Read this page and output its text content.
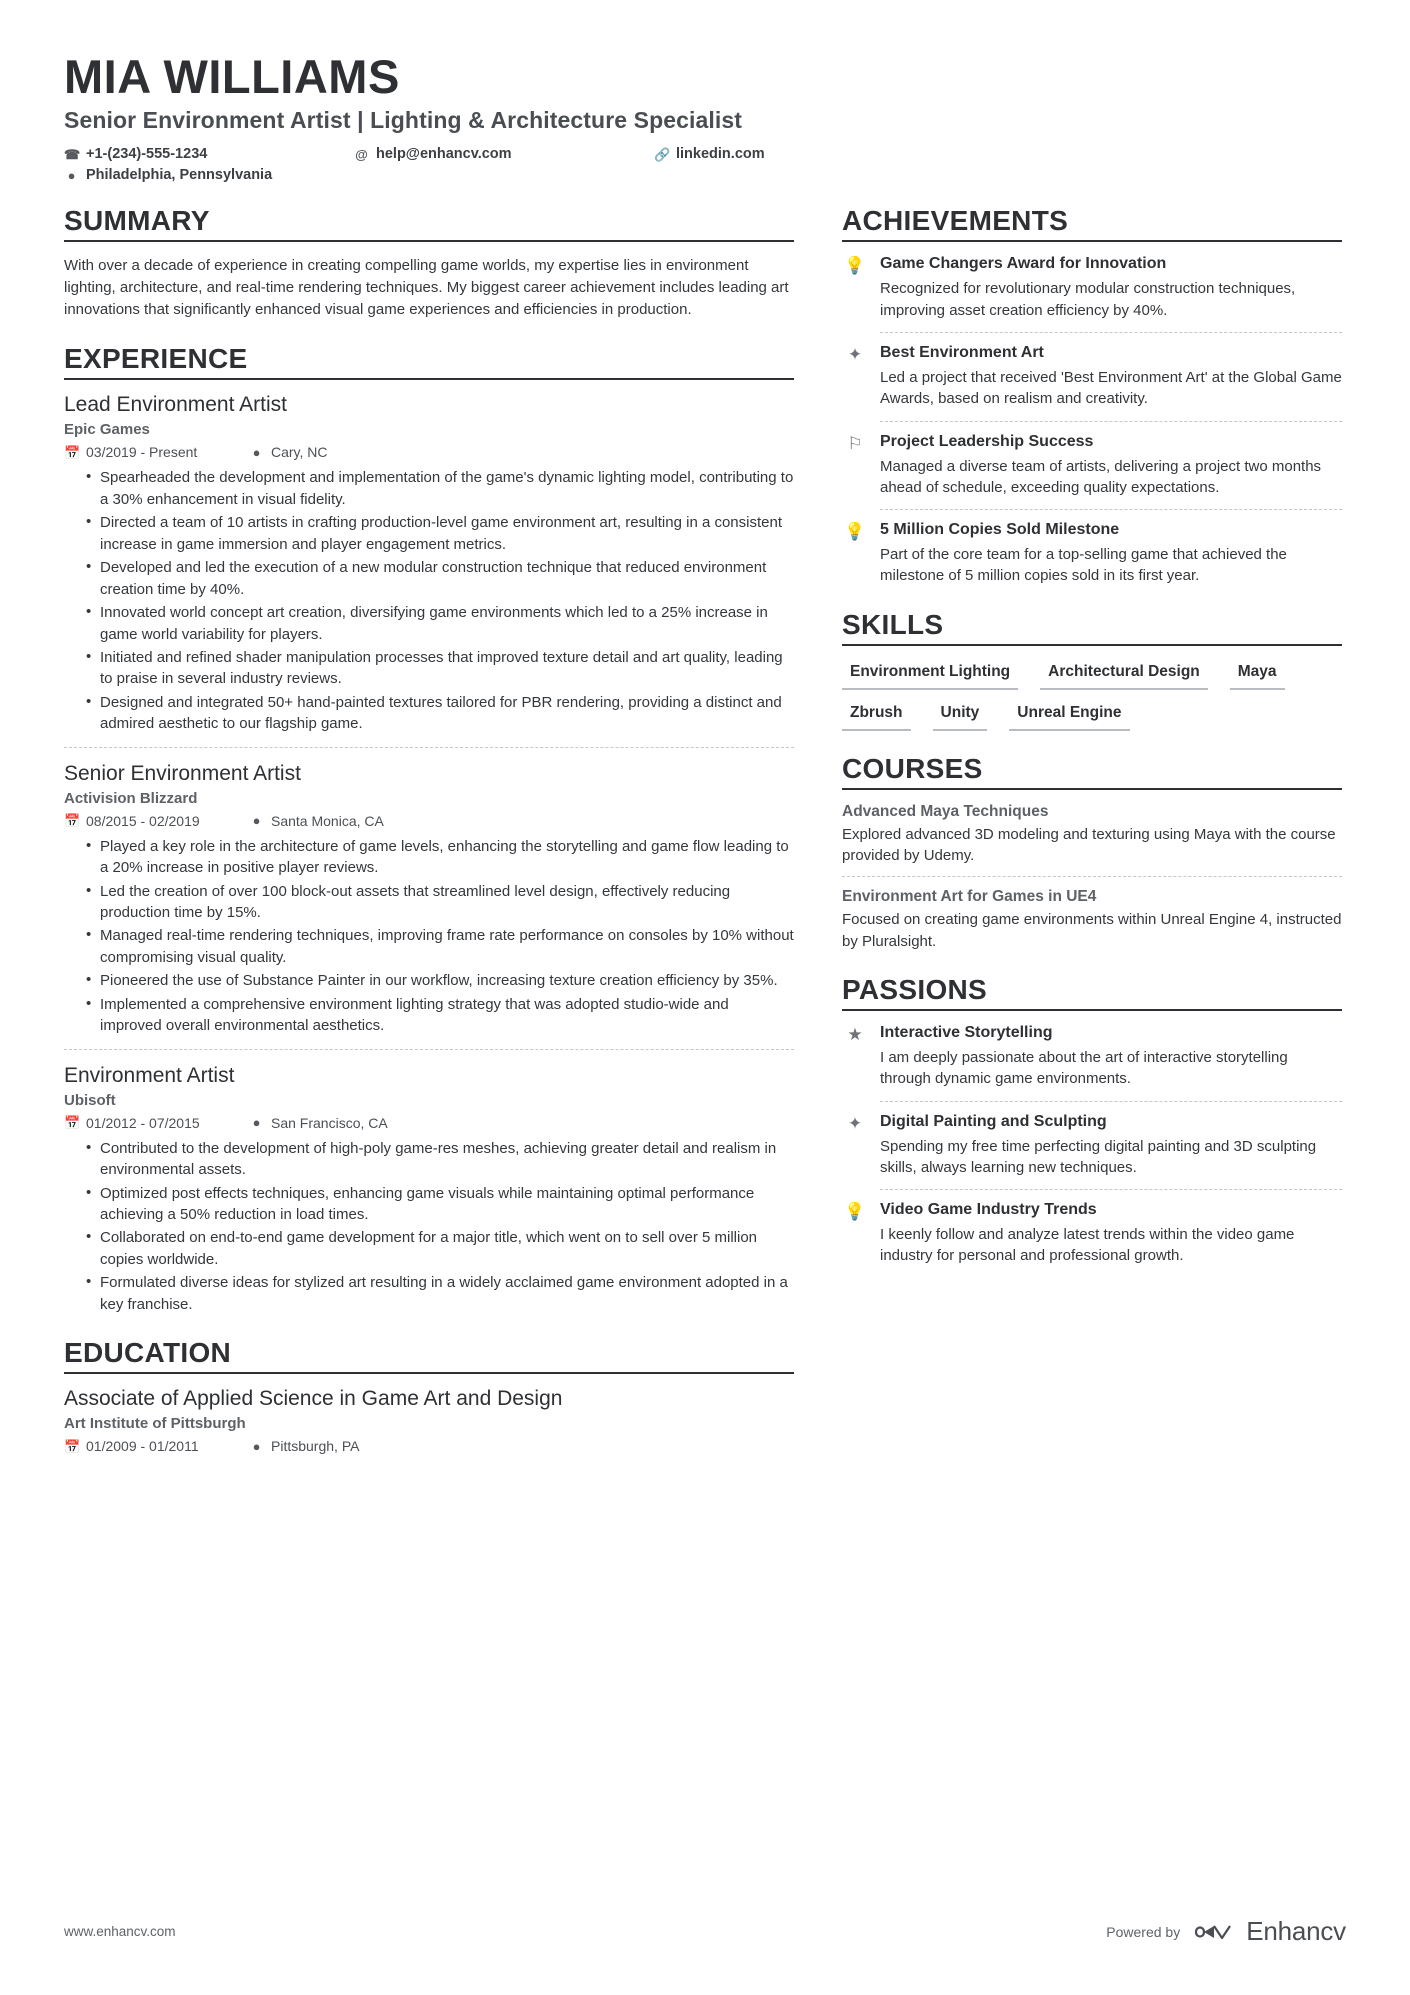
MIA WILLIAMS
Senior Environment Artist | Lighting & Architecture Specialist
☎ +1-(234)-555-1234	@ help@enhancv.com	🔗 linkedin.com
● Philadelphia, Pennsylvania
SUMMARY
With over a decade of experience in creating compelling game worlds, my expertise lies in environment lighting, architecture, and real-time rendering techniques. My biggest career achievement includes leading art innovations that significantly enhanced visual game experiences and efficiencies in production.
EXPERIENCE
Lead Environment Artist
Epic Games
📅 03/2019 - Present	● Cary, NC
• Spearheaded the development and implementation of the game's dynamic lighting model, contributing to a 30% enhancement in visual fidelity.
• Directed a team of 10 artists in crafting production-level game environment art, resulting in a consistent increase in game immersion and player engagement metrics.
• Developed and led the execution of a new modular construction technique that reduced environment creation time by 40%.
• Innovated world concept art creation, diversifying game environments which led to a 25% increase in game world variability for players.
• Initiated and refined shader manipulation processes that improved texture detail and art quality, leading to praise in several industry reviews.
• Designed and integrated 50+ hand-painted textures tailored for PBR rendering, providing a distinct and admired aesthetic to our flagship game.
Senior Environment Artist
Activision Blizzard
📅 08/2015 - 02/2019	● Santa Monica, CA
• Played a key role in the architecture of game levels, enhancing the storytelling and game flow leading to a 20% increase in positive player reviews.
• Led the creation of over 100 block-out assets that streamlined level design, effectively reducing production time by 15%.
• Managed real-time rendering techniques, improving frame rate performance on consoles by 10% without compromising visual quality.
• Pioneered the use of Substance Painter in our workflow, increasing texture creation efficiency by 35%.
• Implemented a comprehensive environment lighting strategy that was adopted studio-wide and improved overall environmental aesthetics.
Environment Artist
Ubisoft
📅 01/2012 - 07/2015	● San Francisco, CA
• Contributed to the development of high-poly game-res meshes, achieving greater detail and realism in environmental assets.
• Optimized post effects techniques, enhancing game visuals while maintaining optimal performance achieving a 50% reduction in load times.
• Collaborated on end-to-end game development for a major title, which went on to sell over 5 million copies worldwide.
• Formulated diverse ideas for stylized art resulting in a widely acclaimed game environment adopted in a key franchise.
EDUCATION
Associate of Applied Science in Game Art and Design
Art Institute of Pittsburgh
📅 01/2009 - 01/2011	● Pittsburgh, PA
ACHIEVEMENTS
💡 Game Changers Award for Innovation
Recognized for revolutionary modular construction techniques, improving asset creation efficiency by 40%.
✦	Best Environment Art
Led a project that received 'Best Environment Art' at the Global Game Awards, based on realism and creativity.
⚐	Project Leadership Success
Managed a diverse team of artists, delivering a project two months ahead of schedule, exceeding quality expectations.
💡 5 Million Copies Sold Milestone
Part of the core team for a top-selling game that achieved the milestone of 5 million copies sold in its first year.
SKILLS
Environment Lighting	Architectural Design	Maya
Zbrush	Unity	Unreal Engine
COURSES
Advanced Maya Techniques
Explored advanced 3D modeling and texturing using Maya with the course provided by Udemy.
Environment Art for Games in UE4
Focused on creating game environments within Unreal Engine 4, instructed by Pluralsight.
PASSIONS
★	Interactive Storytelling
I am deeply passionate about the art of interactive storytelling through dynamic game environments.
✦	Digital Painting and Sculpting
Spending my free time perfecting digital painting and 3D sculpting skills, always learning new techniques.
💡 Video Game Industry Trends
I keenly follow and analyze latest trends within the video game industry for personal and professional growth.
www.enhancv.com	Powered by	Enhancv
